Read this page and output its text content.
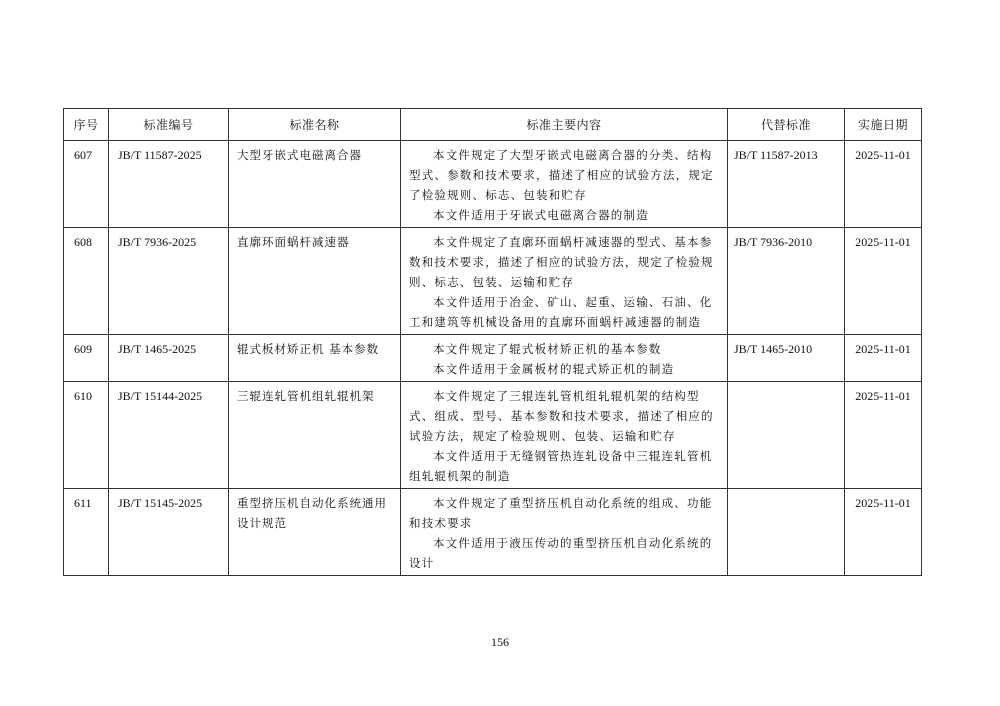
序号	标准编号	标准名称	标准主要内容	代替标准	实施日期

607	JB/T 11587-2025	大型牙嵌式电磁离合器	本文件规定了大型牙嵌式电磁离合器的分类、结构型式、参数和技术要求，描述了相应的试验方法，规定了检验规则、标志、包装和贮存
本文件适用于牙嵌式电磁离合器的制造	JB/T 11587-2013	2025-11-01

608	JB/T 7936-2025	直廓环面蜗杆减速器	本文件规定了直廓环面蜗杆减速器的型式、基本参数和技术要求，描述了相应的试验方法，规定了检验规则、标志、包装、运输和贮存
本文件适用于冶金、矿山、起重、运输、石油、化工和建筑等机械设备用的直廓环面蜗杆减速器的制造	JB/T 7936-2010	2025-11-01

609	JB/T 1465-2025	辊式板材矫正机 基本参数	本文件规定了辊式板材矫正机的基本参数
本文件适用于金属板材的辊式矫正机的制造	JB/T 1465-2010	2025-11-01

610	JB/T 15144-2025	三辊连轧管机组轧辊机架	本文件规定了三辊连轧管机组轧辊机架的结构型式、组成、型号、基本参数和技术要求，描述了相应的试验方法，规定了检验规则、包装、运输和贮存
本文件适用于无缝钢管热连轧设备中三辊连轧管机组轧辊机架的制造		2025-11-01

611	JB/T 15145-2025	重型挤压机自动化系统通用设计规范	本文件规定了重型挤压机自动化系统的组成、功能和技术要求
本文件适用于液压传动的重型挤压机自动化系统的设计		2025-11-01
156
